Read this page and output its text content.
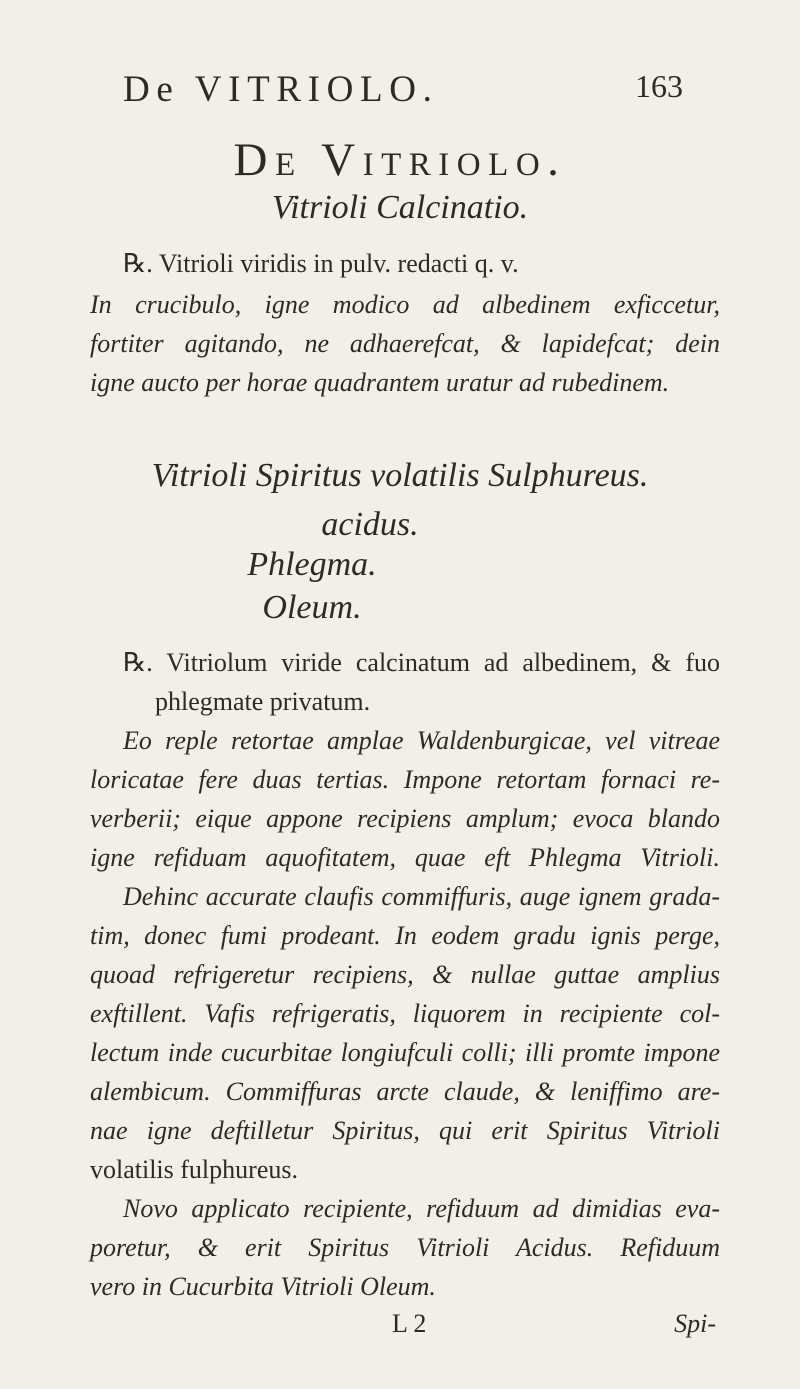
De VITRIOLO.	163
De Vitriolo.
Vitrioli Calcinatio.
℞. Vitrioli viridis in pulv. redacti q. v.
In crucibulo, igne modico ad albedinem exficcetur,
fortiter agitando, ne adhaerefcat, & lapidefcat; dein
igne aucto per horae quadrantem uratur ad rubedinem.
Vitrioli Spiritus volatilis Sulphureus.
acidus.
Phlegma.
Oleum.
℞. Vitriolum viride calcinatum ad albedinem, & fuo
phlegmate privatum.
Eo reple retortae amplae Waldenburgicae, vel vitreae
loricatae fere duas tertias. Impone retortam fornaci re-
verberii; eique appone recipiens amplum; evoca blando
igne refiduam aquofitatem, quae eft Phlegma Vitrioli.
Dehinc accurate claufis commiffuris, auge ignem grada-
tim, donec fumi prodeant. In eodem gradu ignis perge,
quoad refrigeretur recipiens, & nullae guttae amplius
exftillent. Vafis refrigeratis, liquorem in recipiente col-
lectum inde cucurbitae longiufculi colli; illi promte impone
alembicum. Commiffuras arcte claude, & leniffimo are-
nae igne deftilletur Spiritus, qui erit Spiritus Vitrioli
volatilis fulphureus.
Novo applicato recipiente, refiduum ad dimidias eva-
poretur, & erit Spiritus Vitrioli Acidus. Refiduum
vero in Cucurbita Vitrioli Oleum.
L 2	Spi-
